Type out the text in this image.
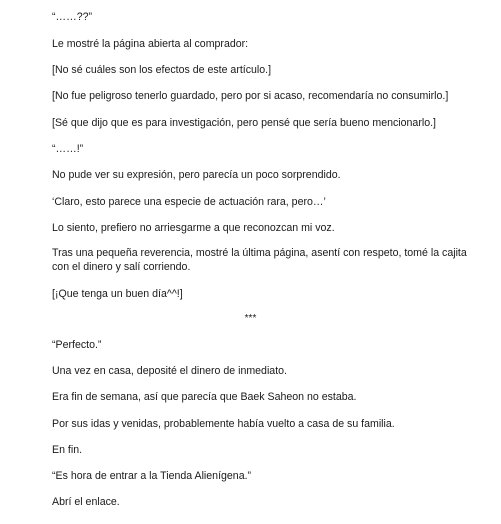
“……??”
Le mostré la página abierta al comprador:
[No sé cuáles son los efectos de este artículo.]
[No fue peligroso tenerlo guardado, pero por si acaso, recomendaría no consumirlo.]
[Sé que dijo que es para investigación, pero pensé que sería bueno mencionarlo.]
“……!”
No pude ver su expresión, pero parecía un poco sorprendido.
‘Claro, esto parece una especie de actuación rara, pero…’
Lo siento, prefiero no arriesgarme a que reconozcan mi voz.
Tras una pequeña reverencia, mostré la última página, asentí con respeto, tomé la cajita con el dinero y salí corriendo.
[¡Que tenga un buen día^^!]
***
“Perfecto.”
Una vez en casa, deposité el dinero de inmediato.
Era fin de semana, así que parecía que Baek Saheon no estaba.
Por sus idas y venidas, probablemente había vuelto a casa de su familia.
En fin.
“Es hora de entrar a la Tienda Alienígena.”
Abrí el enlace.
